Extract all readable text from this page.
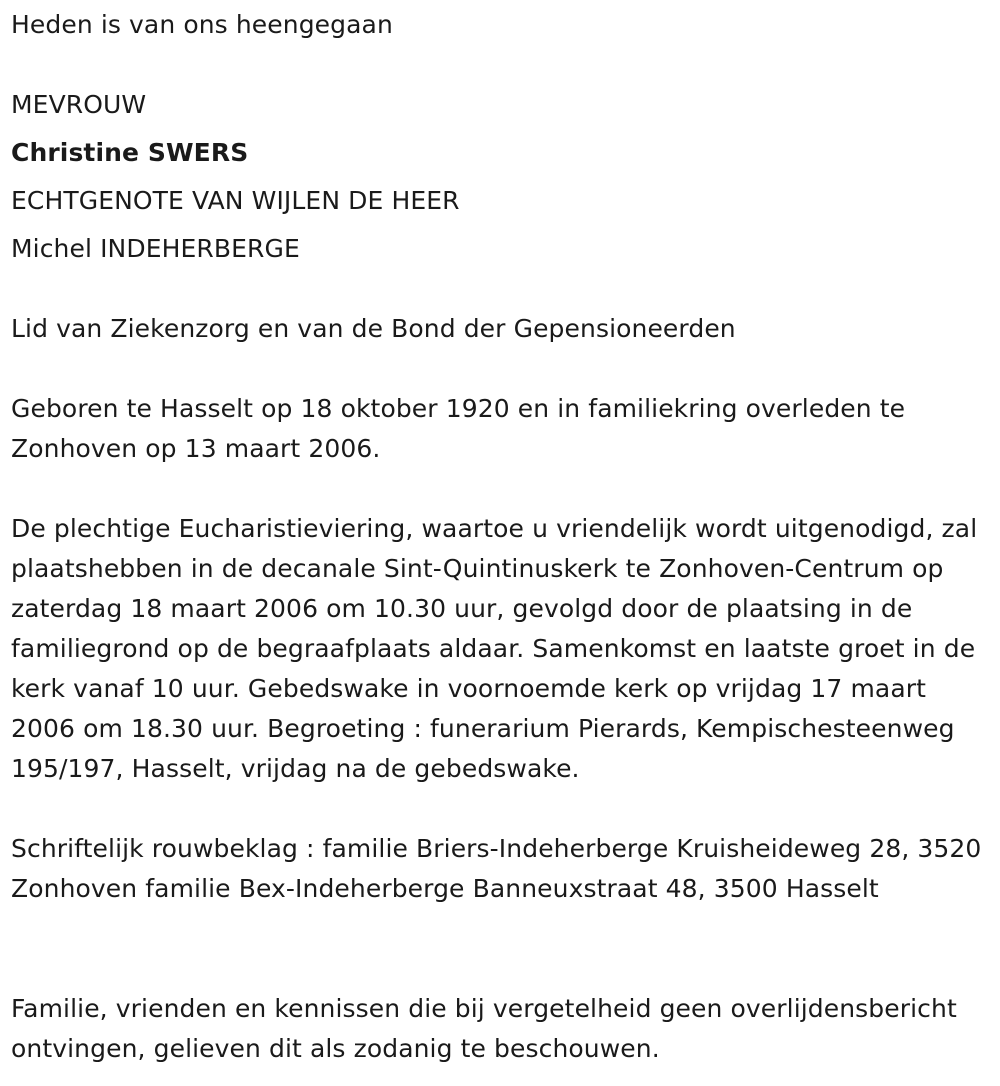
Heden is van ons heengegaan
MEVROUW
Christine SWERS
ECHTGENOTE VAN WIJLEN DE HEER
Michel INDEHERBERGE
Lid van Ziekenzorg en van de Bond der Gepensioneerden
Geboren te Hasselt op 18 oktober 1920 en in familiekring overleden te Zonhoven op 13 maart 2006.
De plechtige Eucharistieviering, waartoe u vriendelijk wordt uitgenodigd, zal plaatshebben in de decanale Sint-Quintinuskerk te Zonhoven-Centrum op zaterdag 18 maart 2006 om 10.30 uur, gevolgd door de plaatsing in de familiegrond op de begraafplaats aldaar. Samenkomst en laatste groet in de kerk vanaf 10 uur. Gebedswake in voornoemde kerk op vrijdag 17 maart 2006 om 18.30 uur. Begroeting : funerarium Pierards, Kempischesteenweg 195/197, Hasselt, vrijdag na de gebedswake.
Schriftelijk rouwbeklag : familie Briers-Indeherberge Kruisheideweg 28, 3520 Zonhoven familie Bex-Indeherberge Banneuxstraat 48, 3500 Hasselt
Familie, vrienden en kennissen die bij vergetelheid geen overlijdensbericht ontvingen, gelieven dit als zodanig te beschouwen.
